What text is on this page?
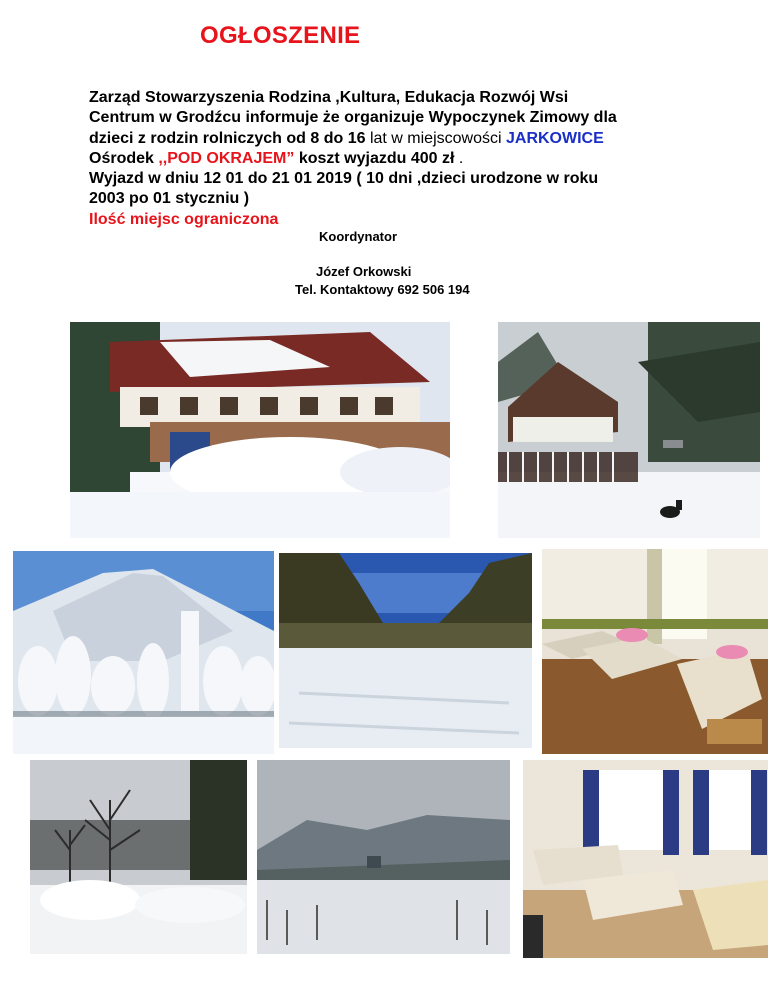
OGŁOSZENIE
Zarząd Stowarzyszenia Rodzina ,Kultura, Edukacja Rozwój Wsi
Centrum w Grodźcu informuje że organizuje Wypoczynek Zimowy dla
dzieci z rodzin rolniczych od 8 do 16 lat w miejscowości JARKOWICE
Ośrodek ,,POD OKRAJEM” koszt wyjazdu 400 zł .
Wyjazd w dniu 12 01 do 21 01 2019 ( 10 dni ,dzieci urodzone w roku
2003 po 01 styczniu )
Ilość miejsc ograniczona
Koordynator
Józef Orkowski
Tel. Kontaktowy 692 506 194
